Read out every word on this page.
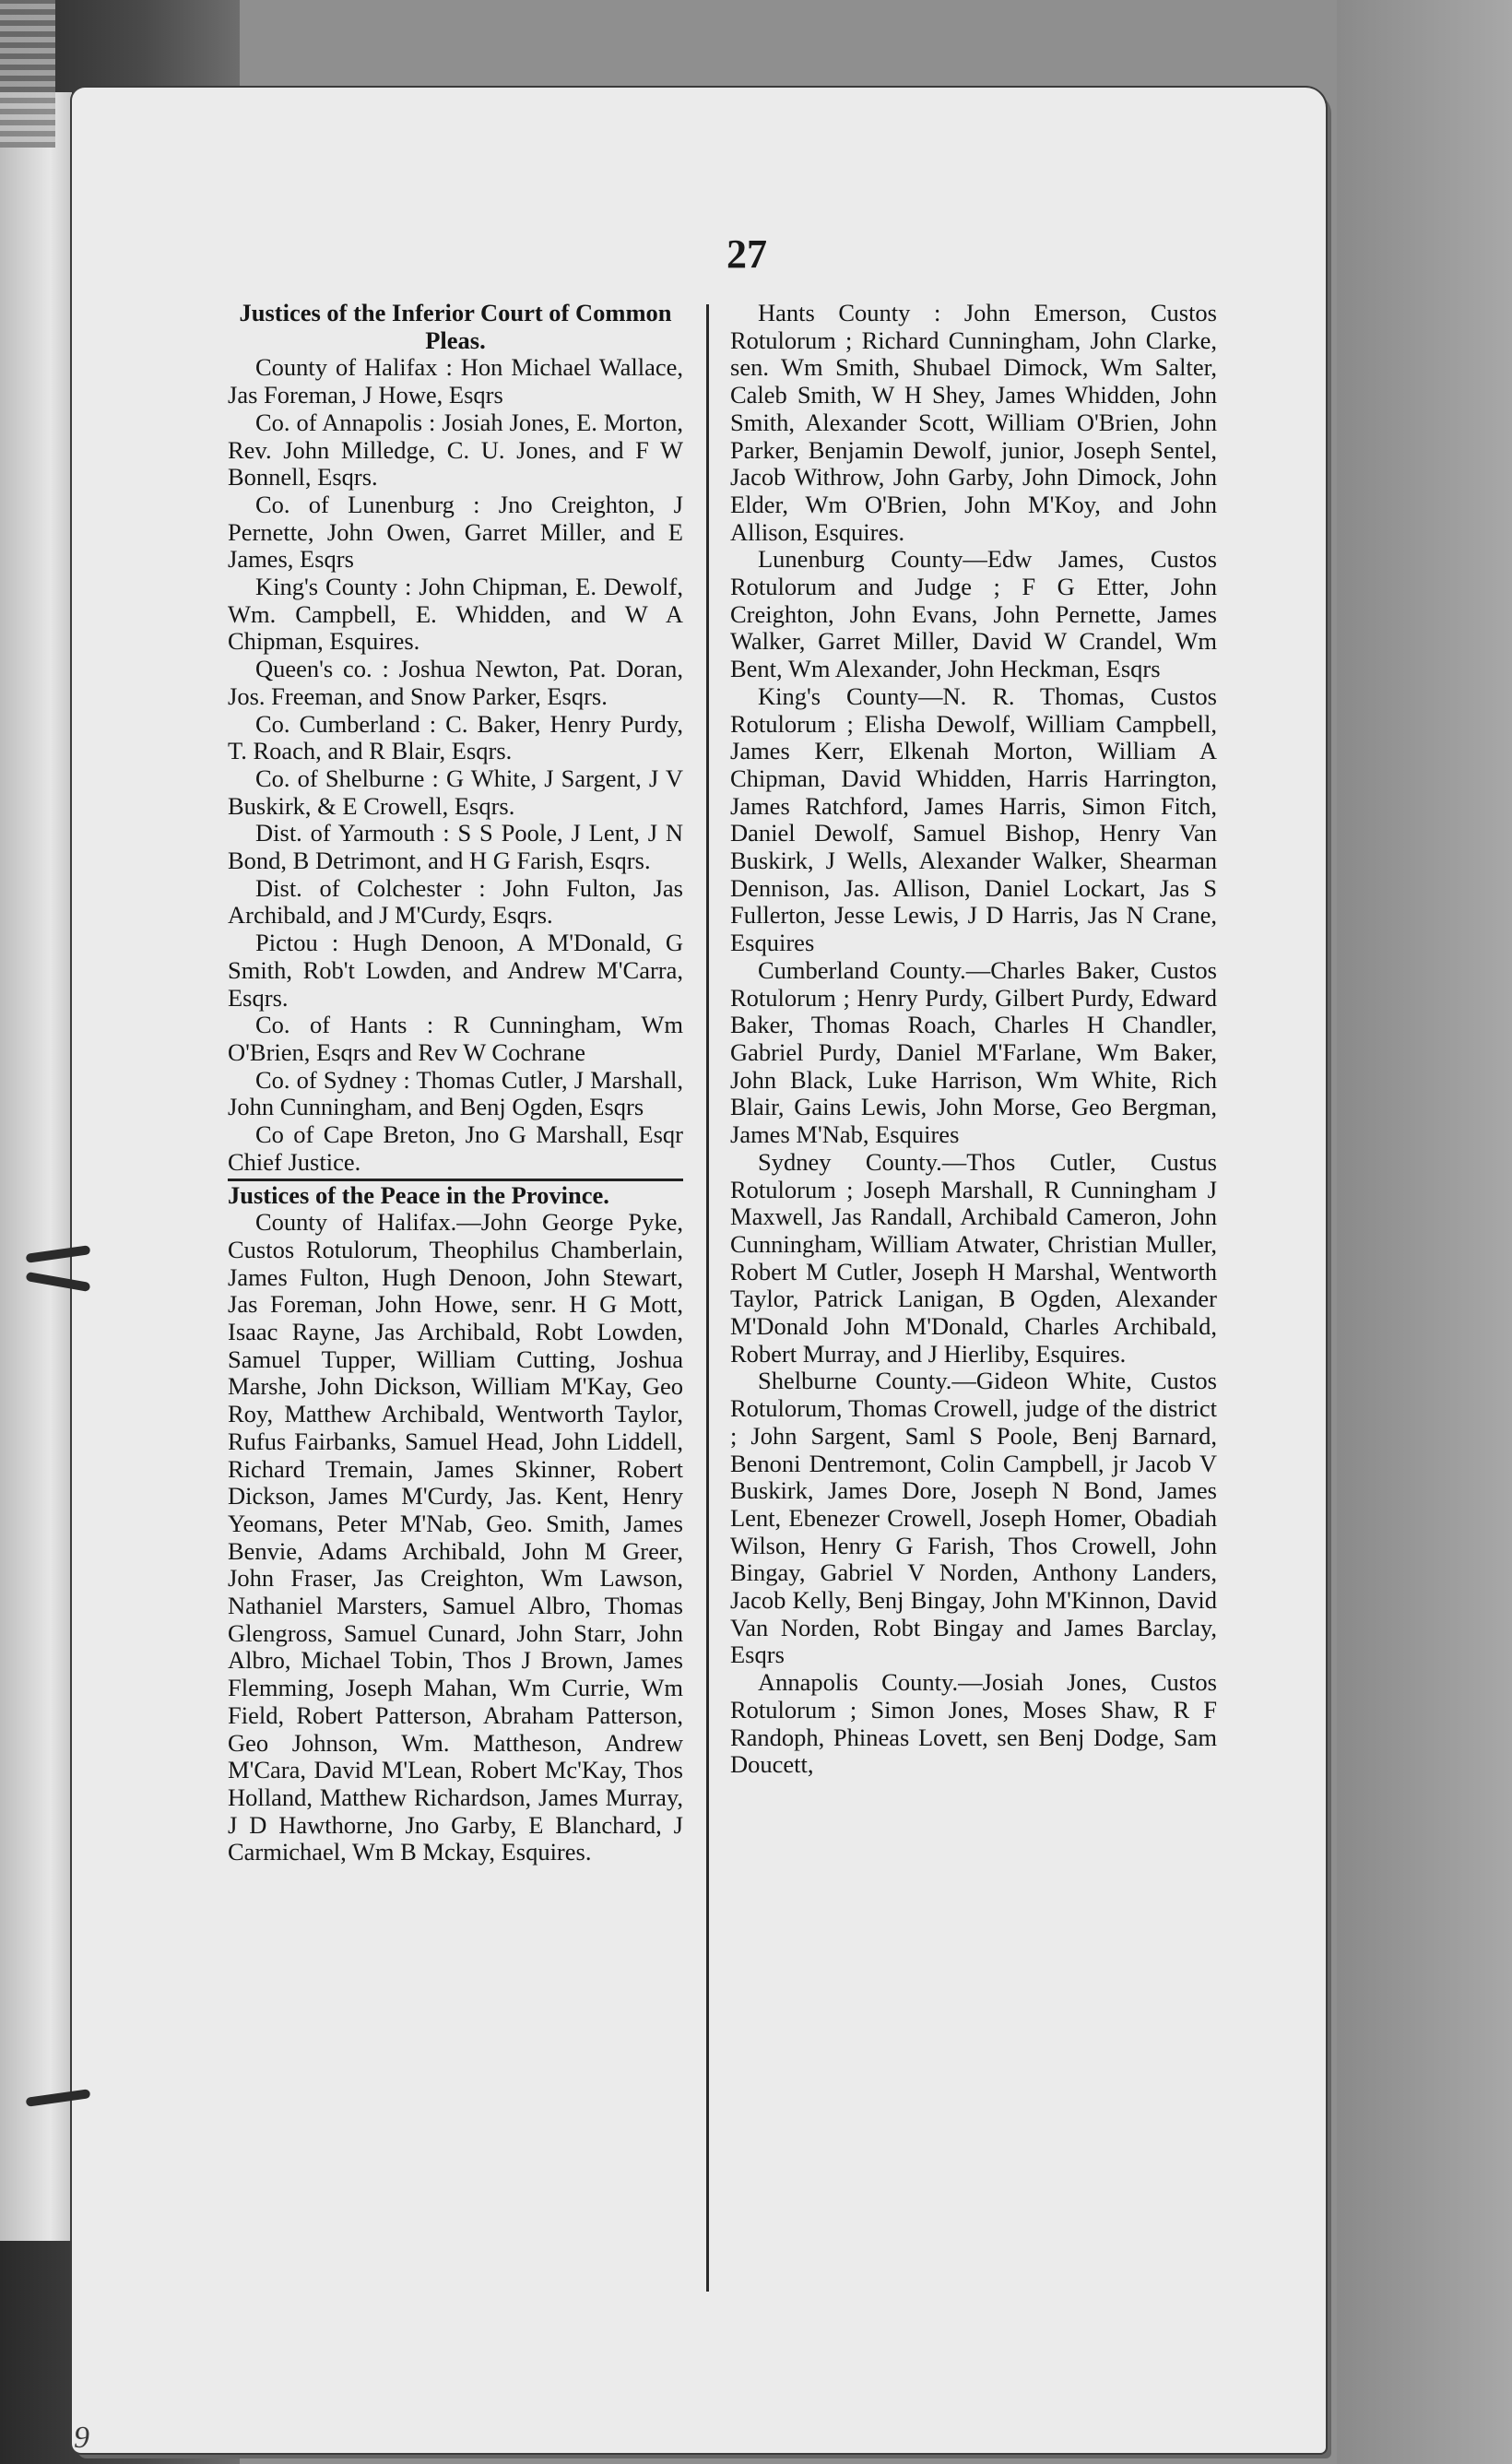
27

Justices of the Inferior Court of Common Pleas.

County of Halifax : Hon Michael Wallace, Jas Foreman, J Howe, Esqrs

Co. of Annapolis : Josiah Jones, E. Morton, Rev. John Milledge, C. U. Jones, and F W Bonnell, Esqrs.

Co. of Lunenburg : Jno Creighton, J Pernette, John Owen, Garret Miller, and E James, Esqrs

King's County : John Chipman, E. Dewolf, Wm. Campbell, E. Whidden, and W A Chipman, Esquires.

Queen's co. : Joshua Newton, Pat. Doran, Jos. Freeman, and Snow Parker, Esqrs.

Co. Cumberland : C. Baker, Henry Purdy, T. Roach, and R Blair, Esqrs.

Co. of Shelburne : G White, J Sargent, J V Buskirk, & E Crowell, Esqrs.

Dist. of Yarmouth : S S Poole, J Lent, J N Bond, B Detrimont, and H G Farish, Esqrs.

Dist. of Colchester : John Fulton, Jas Archibald, and J M'Curdy, Esqrs.

Pictou : Hugh Denoon, A M'Donald, G Smith, Rob't Lowden, and Andrew M'Carra, Esqrs.

Co. of Hants : R Cunningham, Wm O'Brien, Esqrs and Rev W Cochrane

Co. of Sydney : Thomas Cutler, J Marshall, John Cunningham, and Benj Ogden, Esqrs

Co of Cape Breton, Jno G Marshall, Esqr Chief Justice.

Justices of the Peace in the Province.

County of Halifax.—John George Pyke, Custos Rotulorum, Theophilus Chamberlain, James Fulton, Hugh Denoon, John Stewart, Jas Foreman, John Howe, senr. H G Mott, Isaac Rayne, Jas Archibald, Robt Lowden, Samuel Tupper, William Cutting, Joshua Marshe, John Dickson, William M'Kay, Geo Roy, Matthew Archibald, Wentworth Taylor, Rufus Fairbanks, Samuel Head, John Liddell, Richard Tremain, James Skinner, Robert Dickson, James M'Curdy, Jas. Kent, Henry Yeomans, Peter M'Nab, Geo. Smith, James Benvie, Adams Archibald, John M Greer, John Fraser, Jas Creighton, Wm Lawson, Nathaniel Marsters, Samuel Albro, Thomas Glengross, Samuel Cunard, John Starr, John Albro, Michael Tobin, Thos J Brown, James Flemming, Joseph Mahan, Wm Currie, Wm Field, Robert Patterson, Abraham Patterson, Geo Johnson, Wm. Mattheson, Andrew M'Cara, David M'Lean, Robert Mc'Kay, Thos Holland, Matthew Richardson, James Murray, J D Hawthorne, Jno Garby, E Blanchard, J Carmichael, Wm B Mckay, Esquires.

Hants County : John Emerson, Custos Rotulorum ; Richard Cunningham, John Clarke, sen. Wm Smith, Shubael Dimock, Wm Salter, Caleb Smith, W H Shey, James Whidden, John Smith, Alexander Scott, William O'Brien, John Parker, Benjamin Dewolf, junior, Joseph Sentel, Jacob Withrow, John Garby, John Dimock, John Elder, Wm O'Brien, John M'Koy, and John Allison, Esquires.

Lunenburg County—Edw James, Custos Rotulorum and Judge ; F G Etter, John Creighton, John Evans, John Pernette, James Walker, Garret Miller, David W Crandel, Wm Bent, Wm Alexander, John Heckman, Esqrs

King's County—N. R. Thomas, Custos Rotulorum ; Elisha Dewolf, William Campbell, James Kerr, Elkenah Morton, William A Chipman, David Whidden, Harris Harrington, James Ratchford, James Harris, Simon Fitch, Daniel Dewolf, Samuel Bishop, Henry Van Buskirk, J Wells, Alexander Walker, Shearman Dennison, Jas. Allison, Daniel Lockart, Jas S Fullerton, Jesse Lewis, J D Harris, Jas N Crane, Esquires

Cumberland County.—Charles Baker, Custos Rotulorum ; Henry Purdy, Gilbert Purdy, Edward Baker, Thomas Roach, Charles H Chandler, Gabriel Purdy, Daniel M'Farlane, Wm Baker, John Black, Luke Harrison, Wm White, Rich Blair, Gains Lewis, John Morse, Geo Bergman, James M'Nab, Esquires

Sydney County.—Thos Cutler, Custus Rotulorum ; Joseph Marshall, R Cunningham J Maxwell, Jas Randall, Archibald Cameron, John Cunningham, William Atwater, Christian Muller, Robert M Cutler, Joseph H Marshal, Wentworth Taylor, Patrick Lanigan, B Ogden, Alexander M'Donald John M'Donald, Charles Archibald, Robert Murray, and J Hierliby, Esquires.

Shelburne County.—Gideon White, Custos Rotulorum, Thomas Crowell, judge of the district ; John Sargent, Saml S Poole, Benj Barnard, Benoni Dentremont, Colin Campbell, jr Jacob V Buskirk, James Dore, Joseph N Bond, James Lent, Ebenezer Crowell, Joseph Homer, Obadiah Wilson, Henry G Farish, Thos Crowell, John Bingay, Gabriel V Norden, Anthony Landers, Jacob Kelly, Benj Bingay, John M'Kinnon, David Van Norden, Robt Bingay and James Barclay, Esqrs

Annapolis County.—Josiah Jones, Custos Rotulorum ; Simon Jones, Moses Shaw, R F Randoph, Phineas Lovett, sen Benj Dodge, Sam Doucett,

9
